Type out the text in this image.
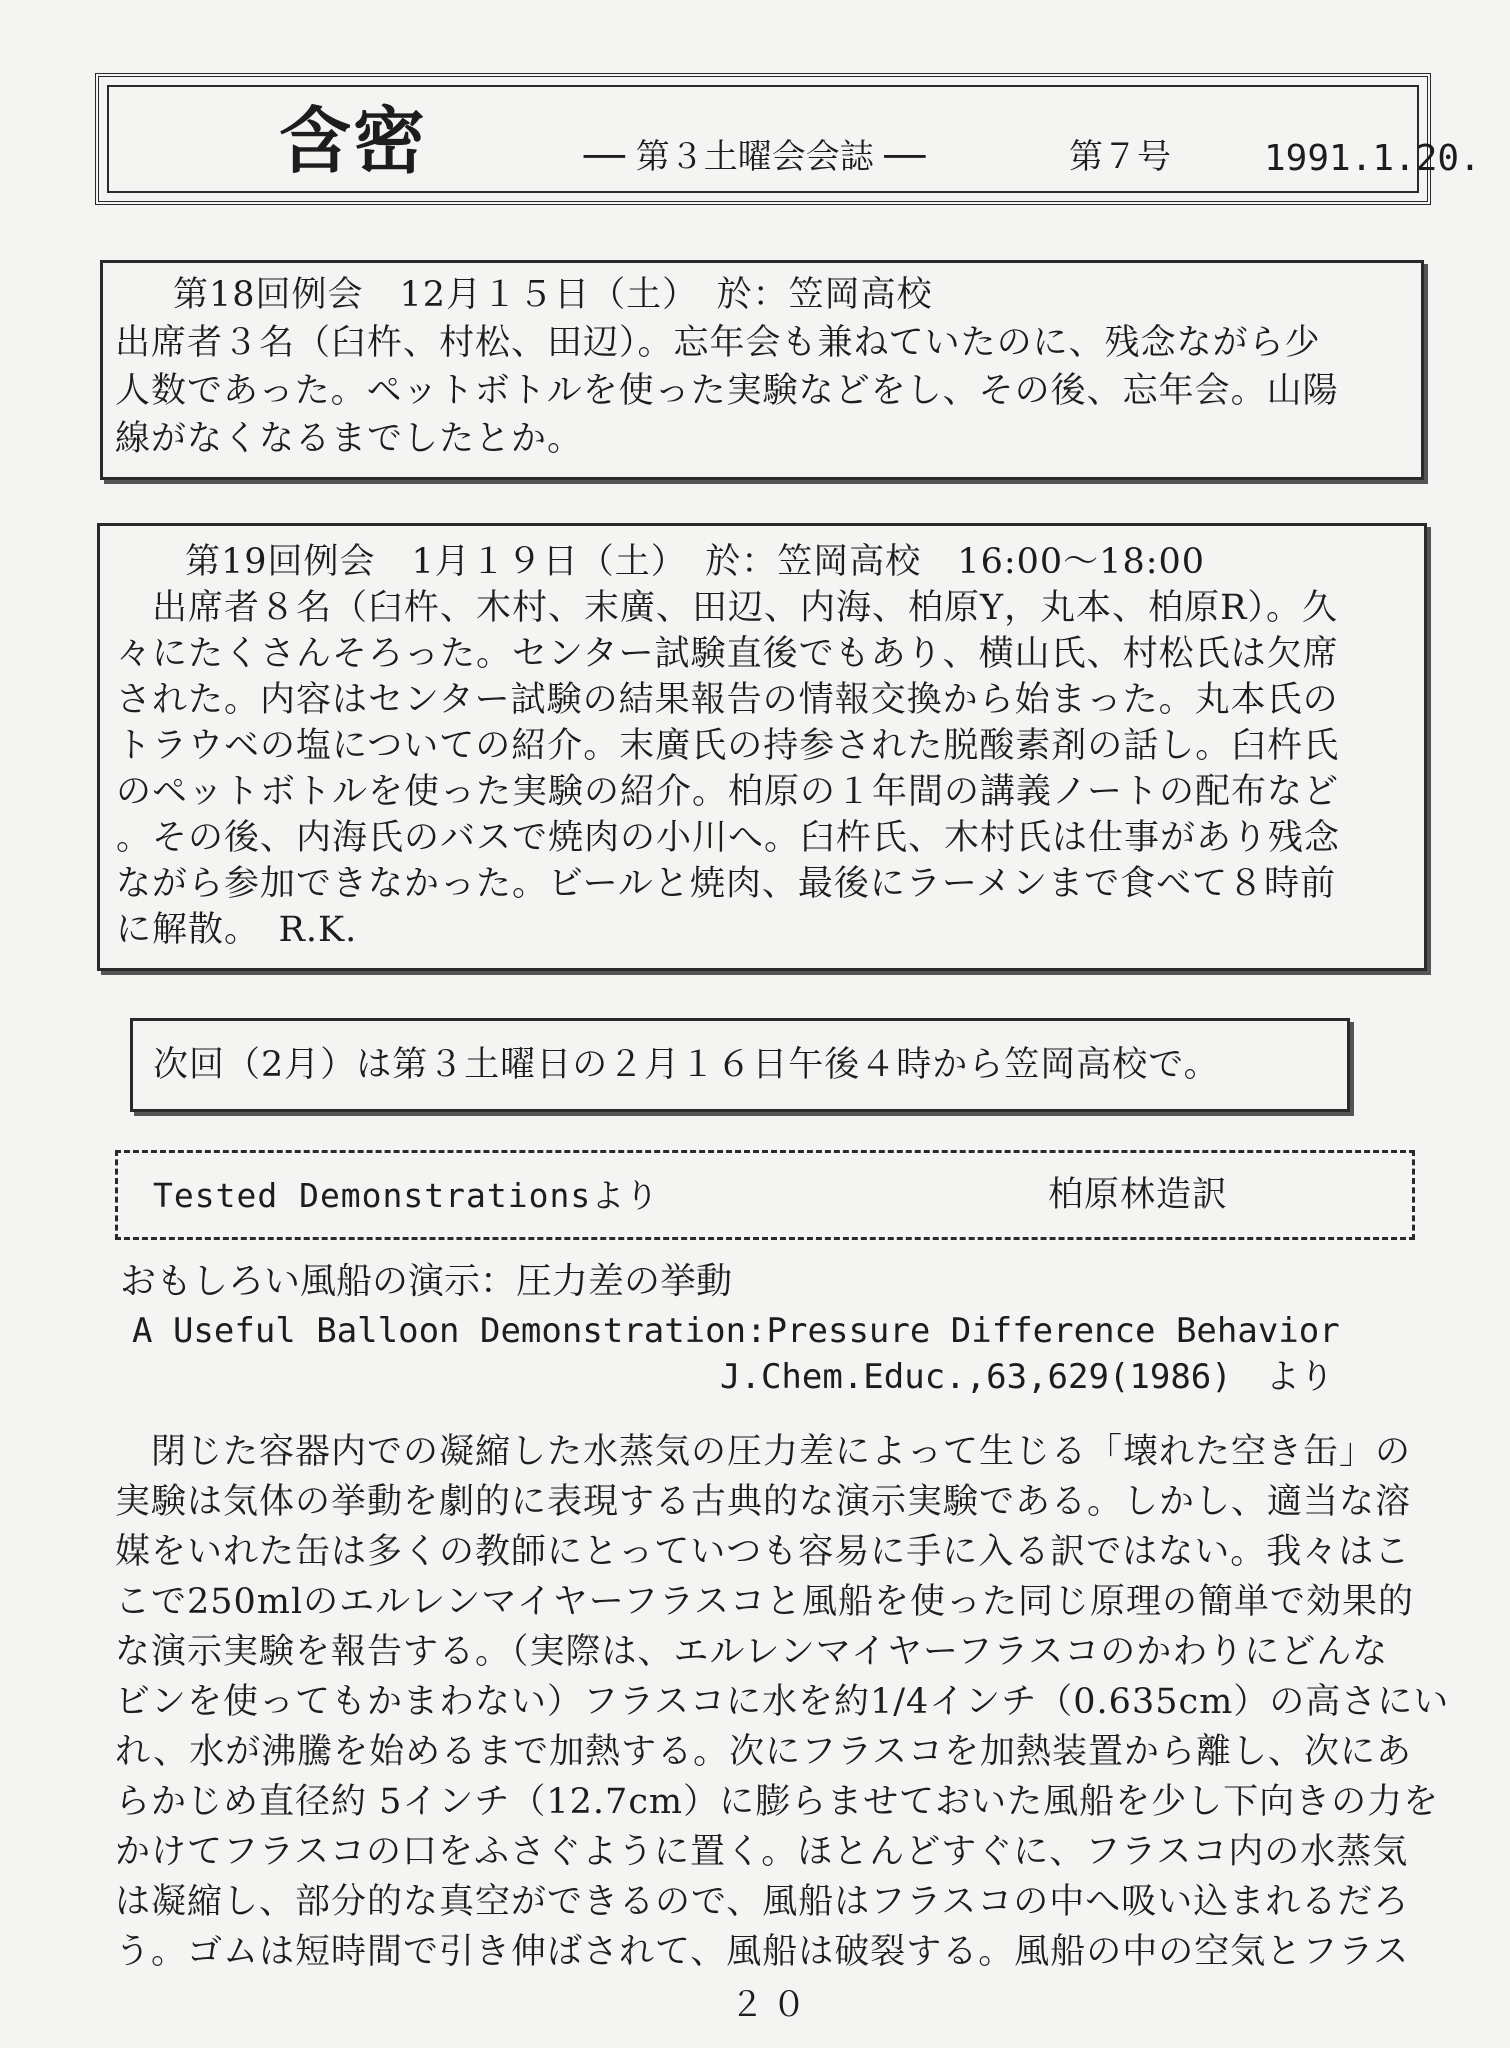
含密	── 第３土曜会会誌 ──	第７号	1991.1.20.
第18回例会　12月１５日（土）　於：笠岡高校
出席者３名（臼杵、村松、田辺）。忘年会も兼ねていたのに、残念ながら少
人数であった。ペットボトルを使った実験などをし、その後、忘年会。山陽
線がなくなるまでしたとか。
第19回例会　1月１９日（土）　於：笠岡高校　16:00〜18:00
　出席者８名（臼杵、木村、末廣、田辺、内海、柏原Y，丸本、柏原R）。久
々にたくさんそろった。センター試験直後でもあり、横山氏、村松氏は欠席
された。内容はセンター試験の結果報告の情報交換から始まった。丸本氏の
トラウベの塩についての紹介。末廣氏の持参された脱酸素剤の話し。臼杵氏
のペットボトルを使った実験の紹介。柏原の１年間の講義ノートの配布など
。その後、内海氏のバスで焼肉の小川へ。臼杵氏、木村氏は仕事があり残念
ながら参加できなかった。ビールと焼肉、最後にラーメンまで食べて８時前
に解散。　R.K.
次回（2月）は第３土曜日の２月１６日午後４時から笠岡高校で。
Tested Demonstrationsより	柏原林造訳
おもしろい風船の演示：圧力差の挙動
A Useful Balloon Demonstration:Pressure Difference Behavior
J.Chem.Educ.,63,629(1986)　より
　閉じた容器内での凝縮した水蒸気の圧力差によって生じる「壊れた空き缶」の
実験は気体の挙動を劇的に表現する古典的な演示実験である。しかし、適当な溶
媒をいれた缶は多くの教師にとっていつも容易に手に入る訳ではない。我々はこ
こで250mlのエルレンマイヤーフラスコと風船を使った同じ原理の簡単で効果的
な演示実験を報告する。（実際は、エルレンマイヤーフラスコのかわりにどんな
ビンを使ってもかまわない）フラスコに水を約1/4インチ（0.635cm）の高さにい
れ、水が沸騰を始めるまで加熱する。次にフラスコを加熱装置から離し、次にあ
らかじめ直径約 5インチ（12.7cm）に膨らませておいた風船を少し下向きの力を
かけてフラスコの口をふさぐように置く。ほとんどすぐに、フラスコ内の水蒸気
は凝縮し、部分的な真空ができるので、風船はフラスコの中へ吸い込まれるだろ
う。ゴムは短時間で引き伸ばされて、風船は破裂する。風船の中の空気とフラス
２０
